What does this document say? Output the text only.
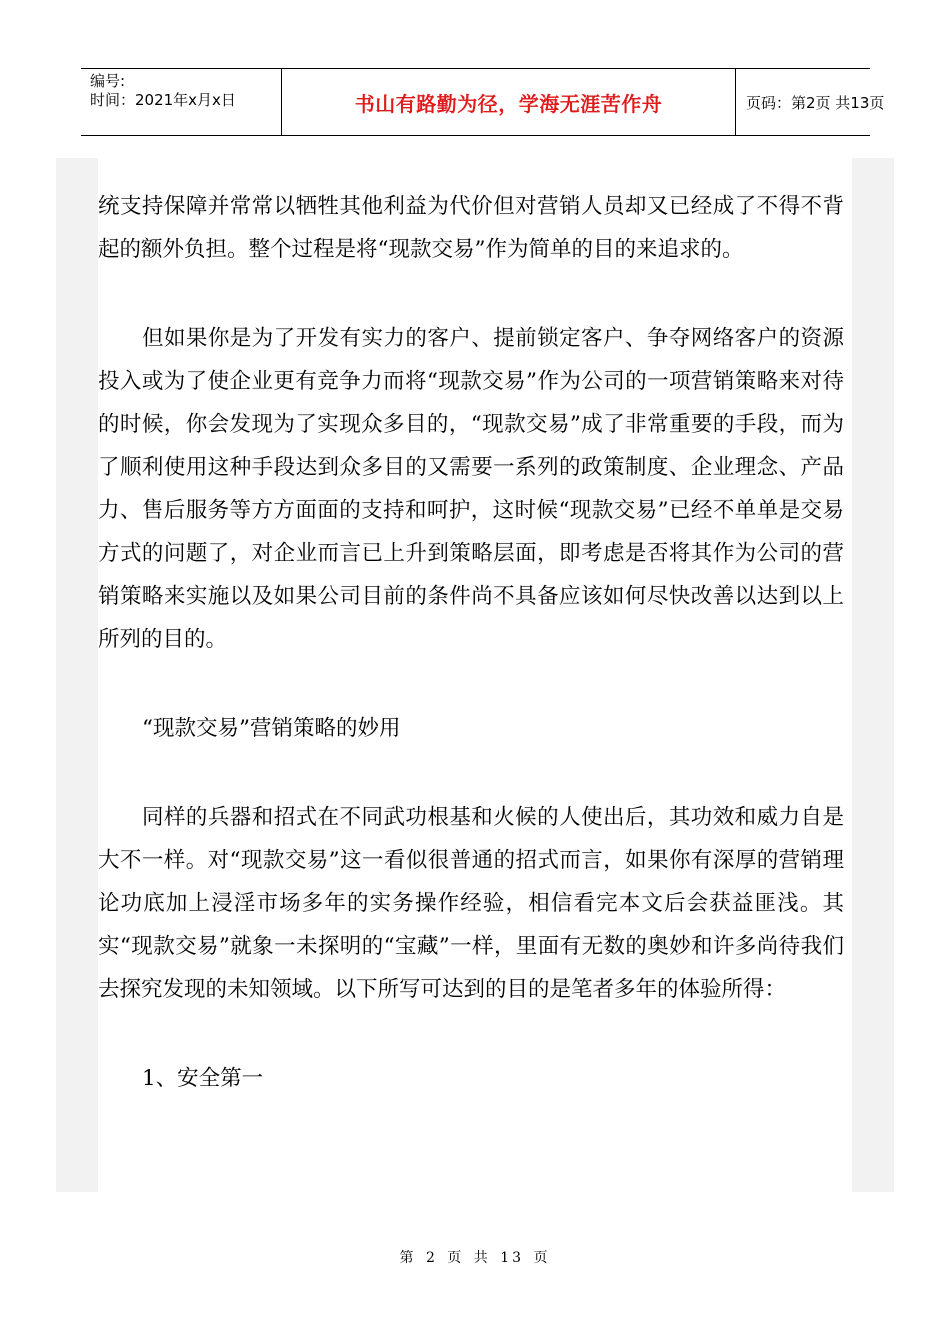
编号:
时间：2021年x月x日	书山有路勤为径，学海无涯苦作舟	页码：第2页 共13页

统支持保障并常常以牺牲其他利益为代价但对营销人员却又已经成了不得不背起的额外负担。整个过程是将“现款交易”作为简单的目的来追求的。

但如果你是为了开发有实力的客户、提前锁定客户、争夺网络客户的资源投入或为了使企业更有竞争力而将“现款交易”作为公司的一项营销策略来对待的时候，你会发现为了实现众多目的，“现款交易”成了非常重要的手段，而为了顺利使用这种手段达到众多目的又需要一系列的政策制度、企业理念、产品力、售后服务等方方面面的支持和呵护，这时候“现款交易”已经不单单是交易方式的问题了，对企业而言已上升到策略层面，即考虑是否将其作为公司的营销策略来实施以及如果公司目前的条件尚不具备应该如何尽快改善以达到以上所列的目的。

“现款交易”营销策略的妙用

同样的兵器和招式在不同武功根基和火候的人使出后，其功效和威力自是大不一样。对“现款交易”这一看似很普通的招式而言，如果你有深厚的营销理论功底加上浸淫市场多年的实务操作经验，相信看完本文后会获益匪浅。其实“现款交易”就象一未探明的“宝藏”一样，里面有无数的奥妙和许多尚待我们去探究发现的未知领域。以下所写可达到的目的是笔者多年的体验所得：

1、安全第一

第 2 页 共 13 页
